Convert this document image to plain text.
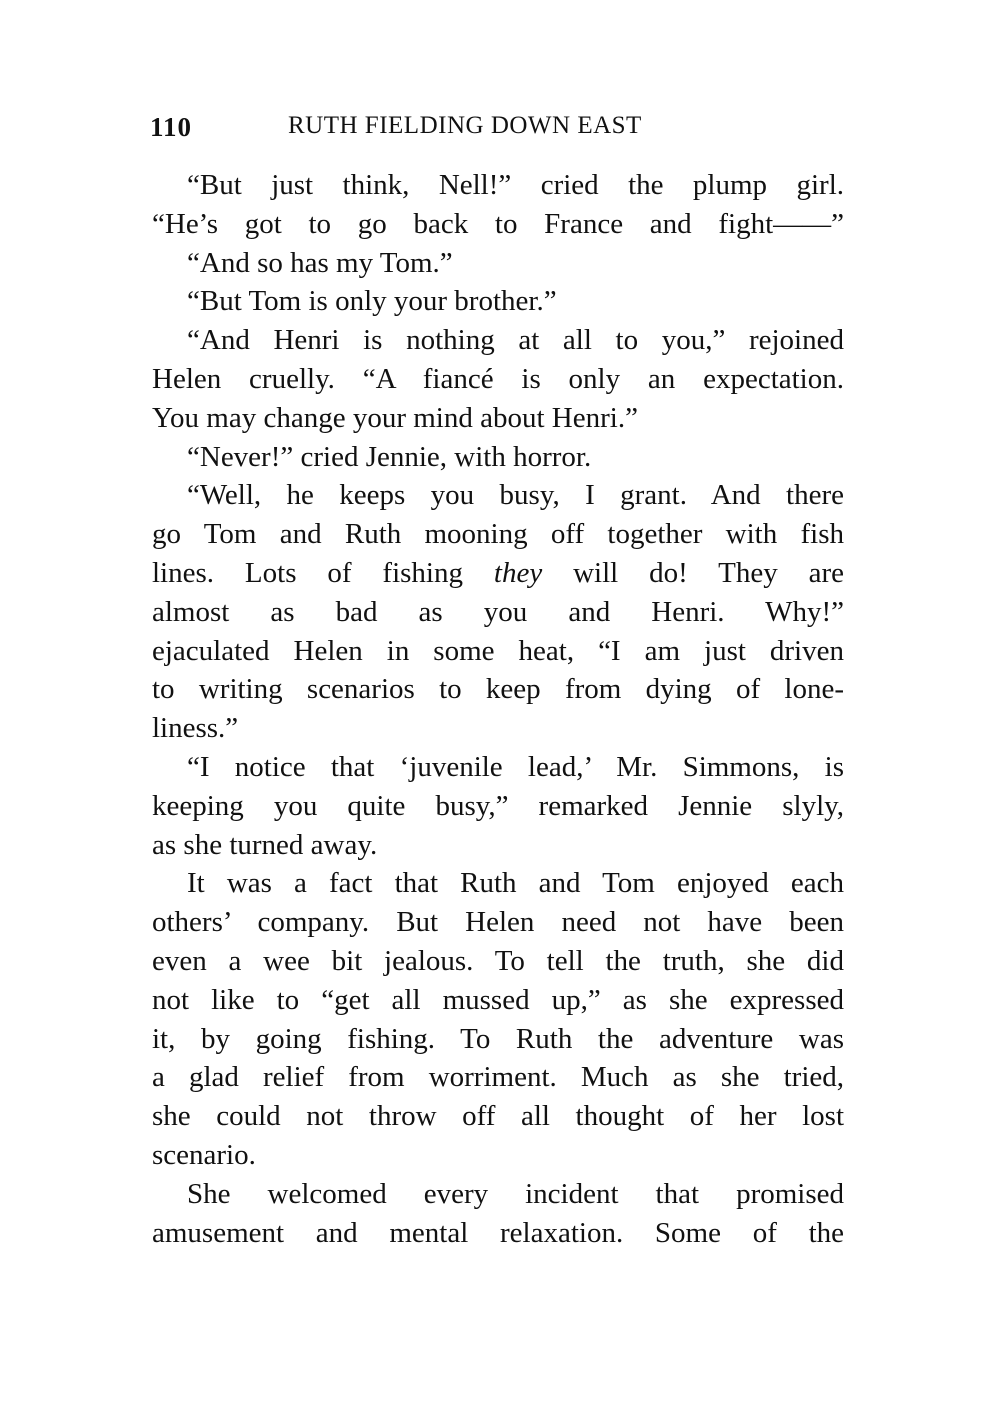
110	RUTH FIELDING DOWN EAST
“But just think, Nell!” cried the plump girl.
“He’s got to go back to France and fight——”
“And so has my Tom.”
“But Tom is only your brother.”
“And Henri is nothing at all to you,” rejoined
Helen cruelly. “A fiancé is only an expectation.
You may change your mind about Henri.”
“Never!” cried Jennie, with horror.
“Well, he keeps you busy, I grant. And there
go Tom and Ruth mooning off together with fish
lines. Lots of fishing they will do! They are
almost as bad as you and Henri. Why!”
ejaculated Helen in some heat, “I am just driven
to writing scenarios to keep from dying of lone-
liness.”
“I notice that ‘juvenile lead,’ Mr. Simmons, is
keeping you quite busy,” remarked Jennie slyly,
as she turned away.
It was a fact that Ruth and Tom enjoyed each
others’ company. But Helen need not have been
even a wee bit jealous. To tell the truth, she did
not like to “get all mussed up,” as she expressed
it, by going fishing. To Ruth the adventure was
a glad relief from worriment. Much as she tried,
she could not throw off all thought of her lost
scenario.
She welcomed every incident that promised
amusement and mental relaxation. Some of the
